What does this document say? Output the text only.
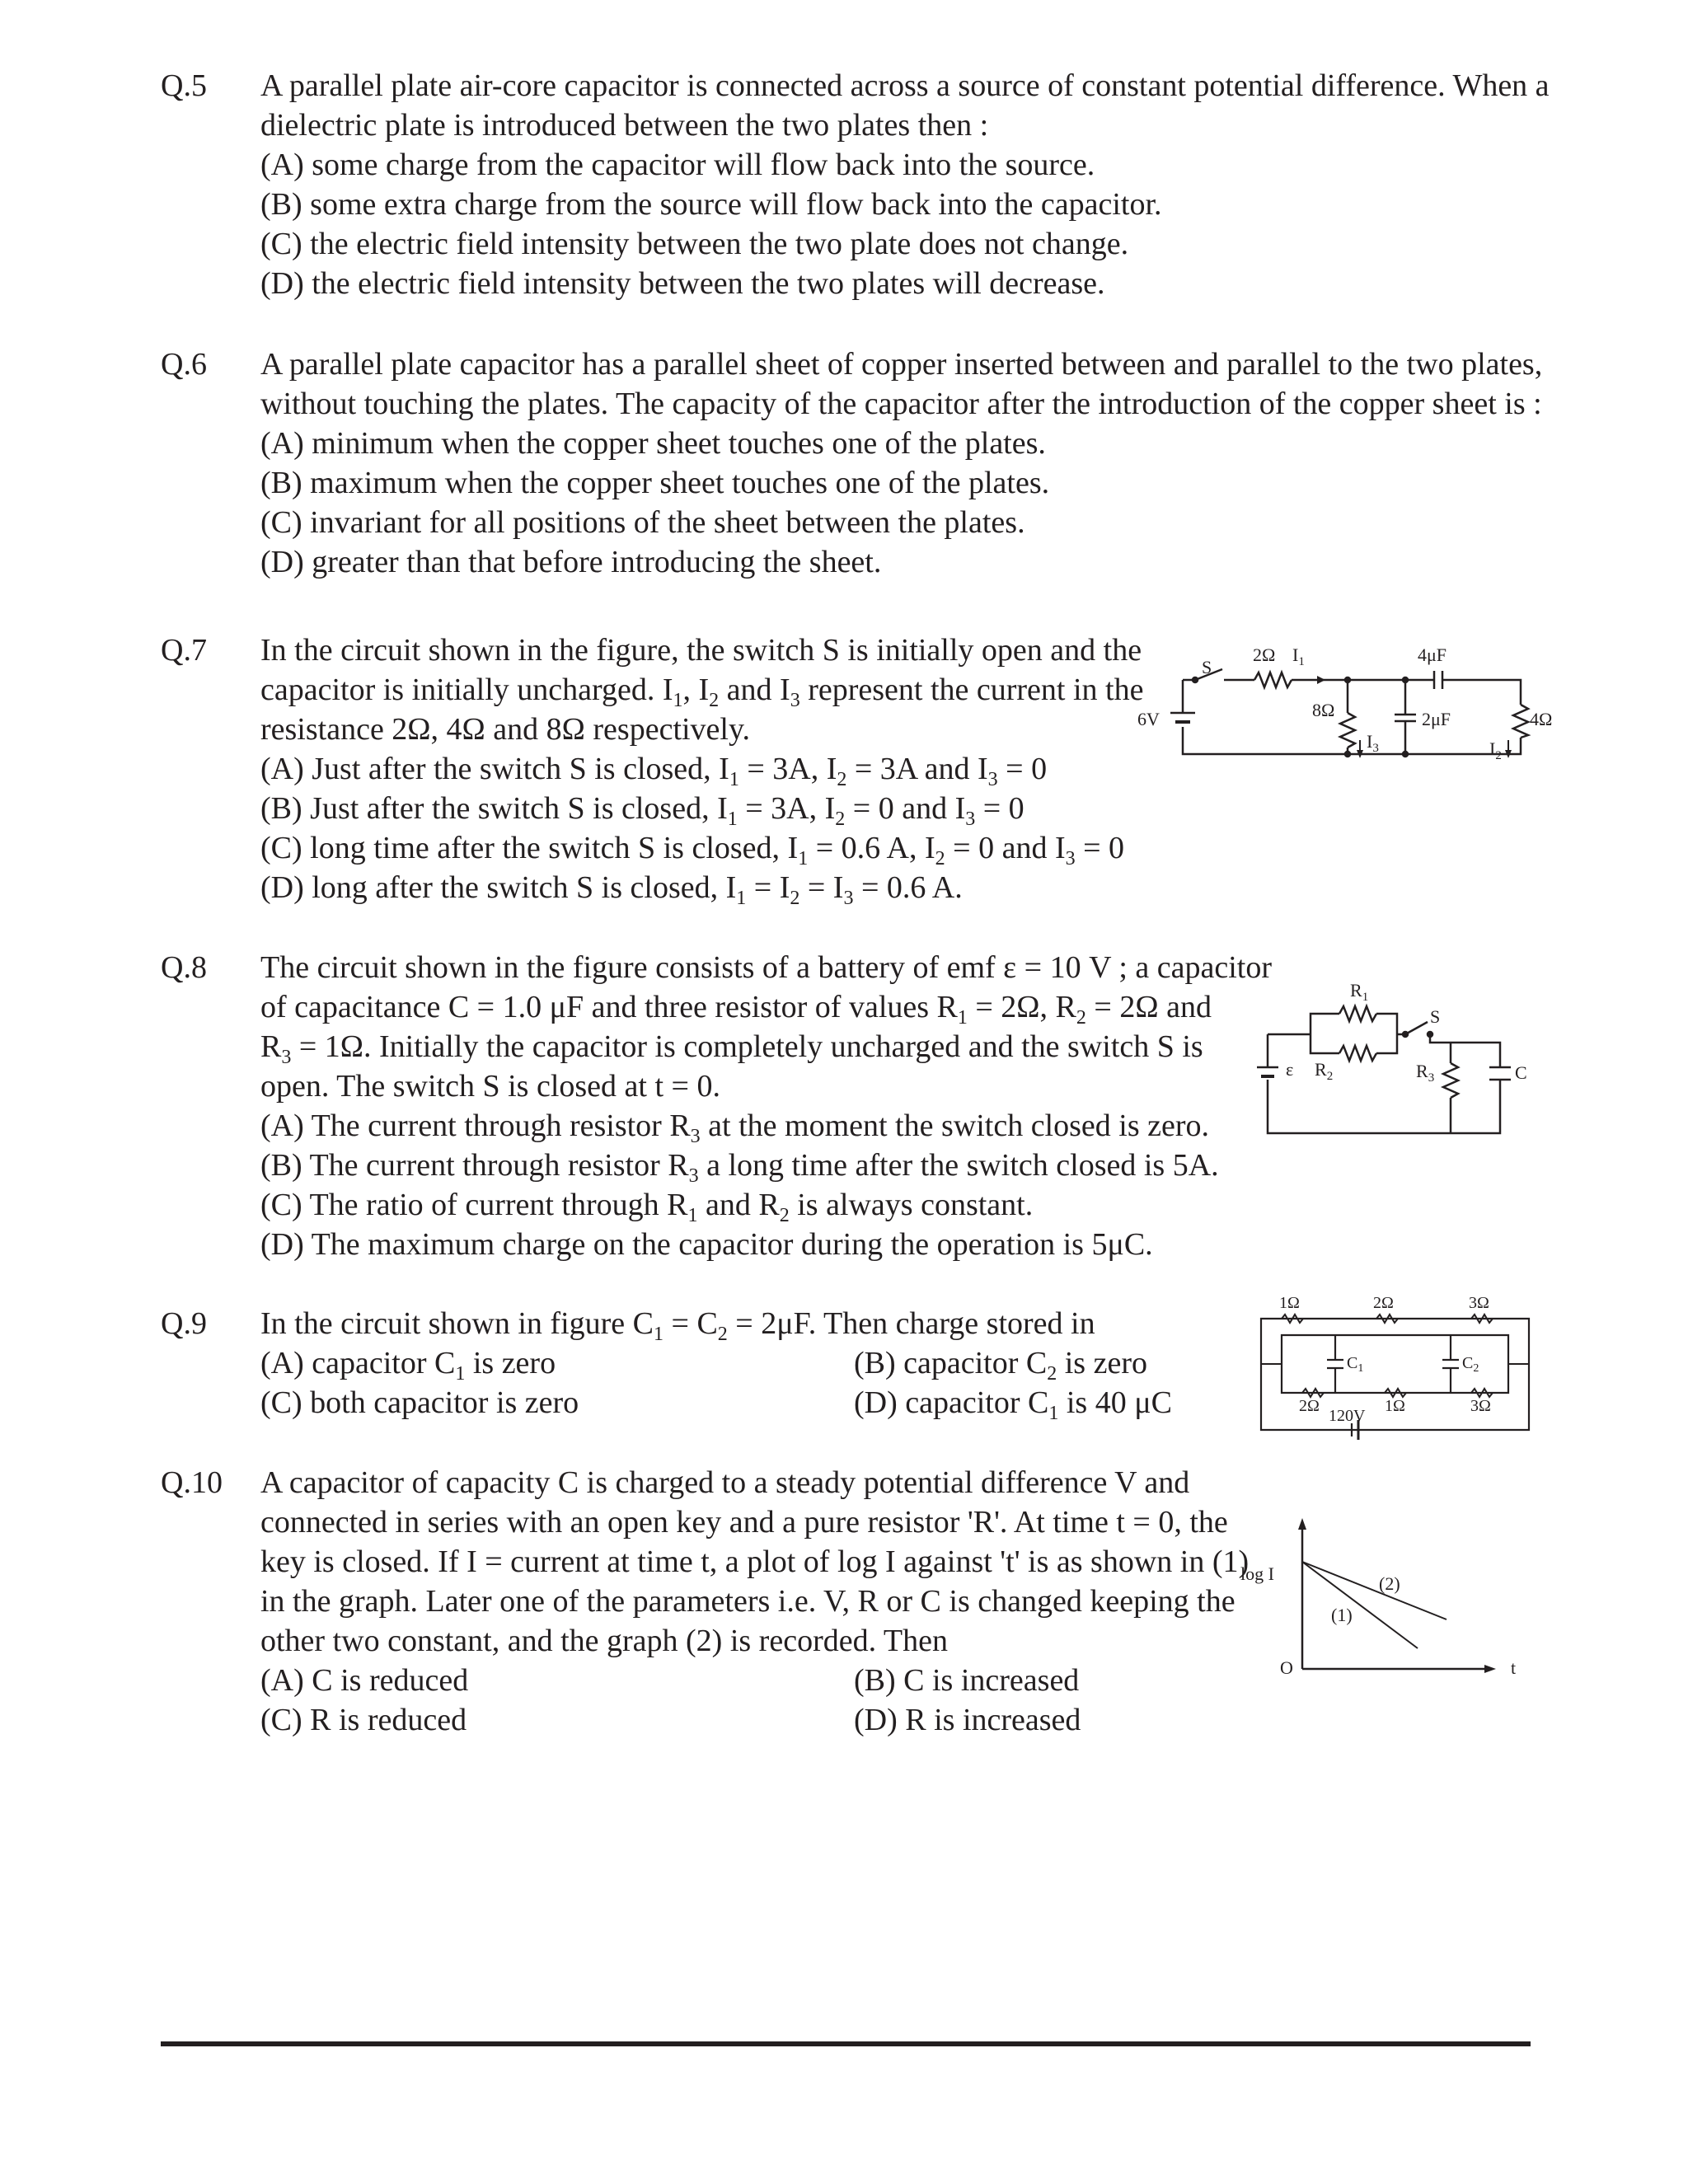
Q.5 A parallel plate air-core capacitor is connected across a source of constant potential difference. When a
dielectric plate is introduced between the two plates then :
(A) some charge from the capacitor will flow back into the source.
(B) some extra charge from the source will flow back into the capacitor.
(C) the electric field intensity between the two plate does not change.
(D) the electric field intensity between the two plates will decrease.
Q.6 A parallel plate capacitor has a parallel sheet of copper inserted between and parallel to the two plates,
without touching the plates. The capacity of the capacitor after the introduction of the copper sheet is :
(A) minimum when the copper sheet touches one of the plates.
(B) maximum when the copper sheet touches one of the plates.
(C) invariant for all positions of the sheet between the plates.
(D) greater than that before introducing the sheet.
Q.7 In the circuit shown in the figure, the switch S is initially open and the
capacitor is initially uncharged. $I_1$, $I_2$ and $I_3$ represent the current in the
resistance 2Ω, 4Ω and 8Ω respectively.
(A) Just after the switch S is closed, $I_1 = 3A$, $I_2 = 3A$ and $I_3 = 0$
(B) Just after the switch S is closed, $I_1 = 3A$, $I_2 = 0$ and $I_3 = 0$
(C) long time after the switch S is closed, $I_1 = 0.6$ A, $I_2 = 0$ and $I_3 = 0$
(D) long after the switch S is closed, $I_1 = I_2 = I_3 = 0.6$ A.
2Ω $I_1$	4μF
S
8Ω	2μF	4Ω
6V
$I_3$	$I_2$
Q.8 The circuit shown in the figure consists of a battery of emf ε = 10 V ; a capacitor
of capacitance C = 1.0 μF and three resistor of values $R_1 = 2\Omega$, $R_2 = 2\Omega$ and
$R_3 = 1\Omega$. Initially the capacitor is completely uncharged and the switch S is
open. The switch S is closed at t = 0.
(A) The current through resistor $R_3$ at the moment the switch closed is zero.
(B) The current through resistor $R_3$ a long time after the switch closed is 5A.
(C) The ratio of current through $R_1$ and $R_2$ is always constant.
(D) The maximum charge on the capacitor during the operation is 5μC.
$R_1$
S
ε $R_2$	$R_3$	C
Q.9 In the circuit shown in figure $C_1 = C_2 = 2\mu F$. Then charge stored in
(A) capacitor $C_1$ is zero	(B) capacitor $C_2$ is zero
(C) both capacitor is zero	(D) capacitor $C_1$ is 40 μC
1Ω	2Ω	3Ω
$C_1$	$C_2$
2Ω	1Ω	3Ω
120V
Q.10 A capacitor of capacity C is charged to a steady potential difference V and
connected in series with an open key and a pure resistor 'R'. At time t = 0, the
key is closed. If I = current at time t, a plot of log I against 't' is as shown in (1)
in the graph. Later one of the parameters i.e. V, R or C is changed keeping the
other two constant, and the graph (2) is recorded. Then
(A) C is reduced	(B) C is increased
(C) R is reduced	(D) R is increased
log I
O	t
(1)
(2)
